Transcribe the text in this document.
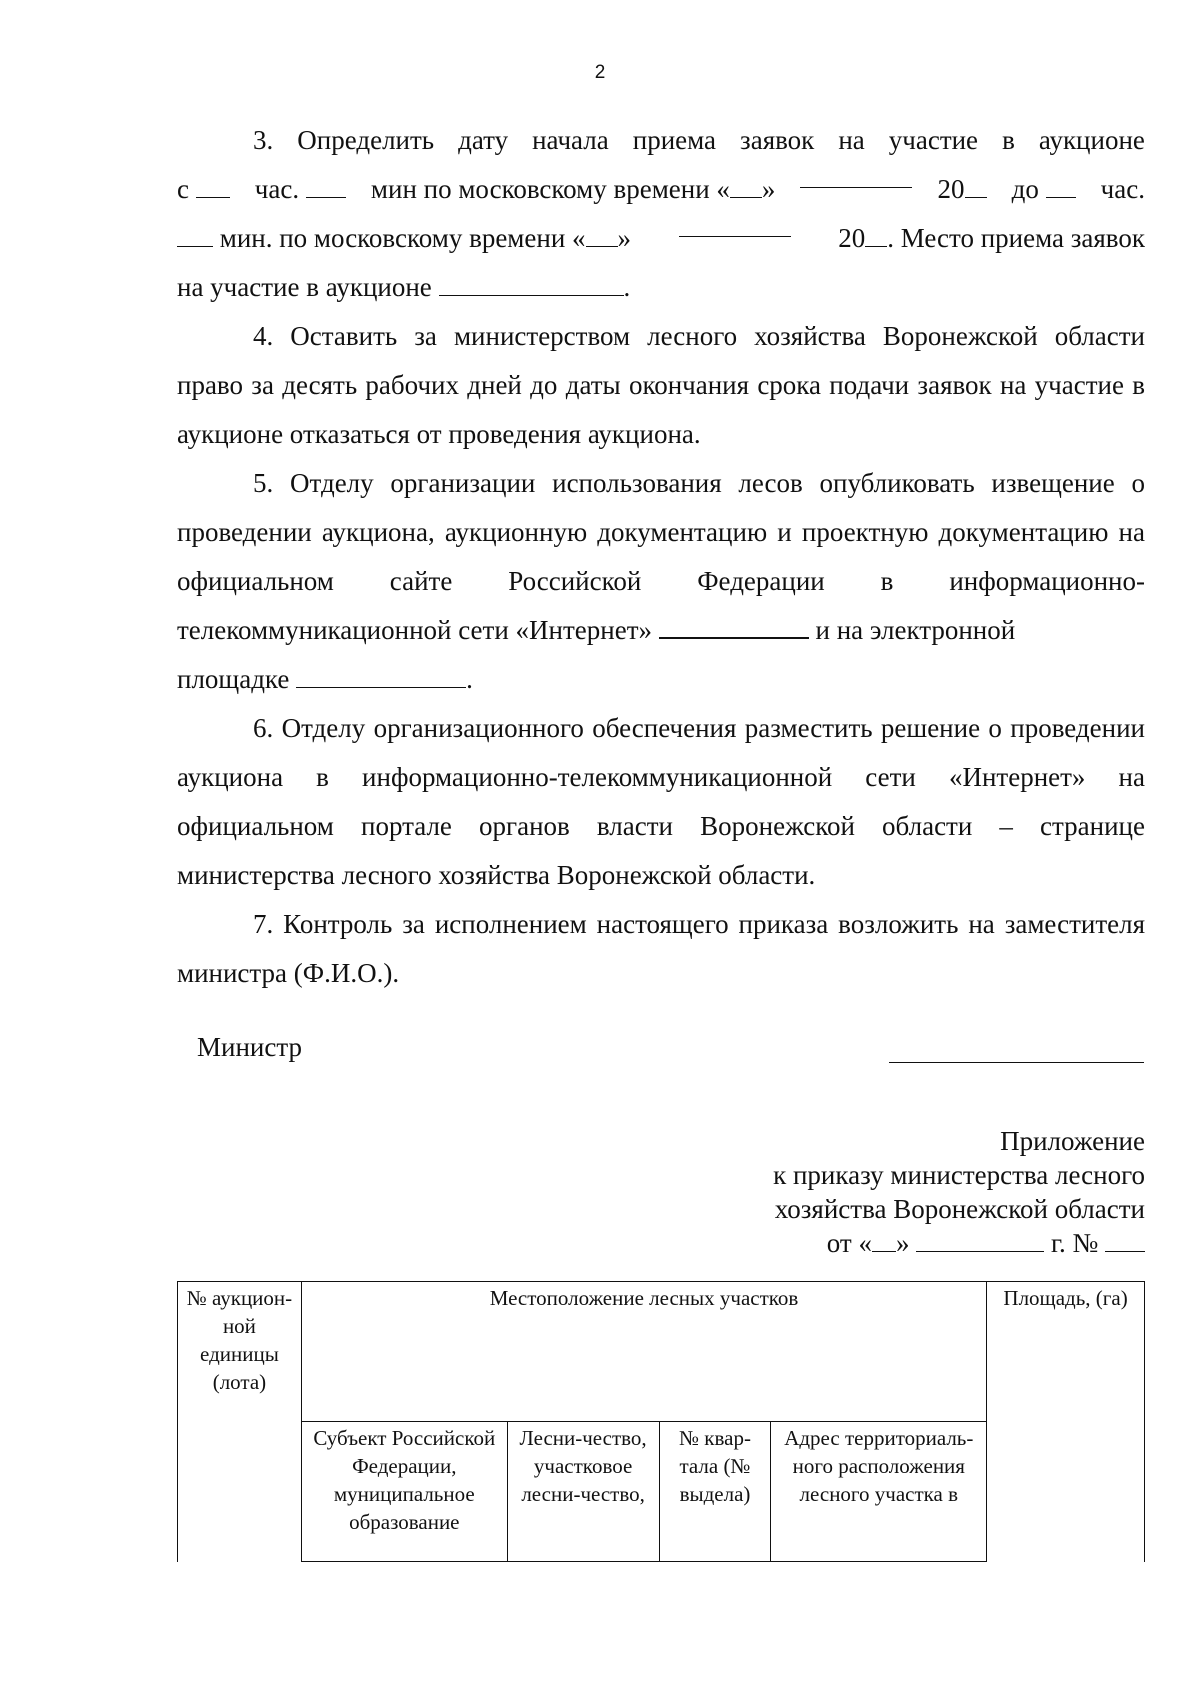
2
3. Определить дату начала приема заявок на участие в аукционе
с	час.	мин по московскому времени « »	20	до	час.
мин. по московскому времени « »	20 . Место приема заявок
на участие в аукционе	.

4. Оставить за министерством лесного хозяйства Воронежской области право за десять рабочих дней до даты окончания срока подачи заявок на участие в аукционе отказаться от проведения аукциона.

5. Отделу организации использования лесов опубликовать извещение о проведении аукциона, аукционную документацию и проектную документацию на официальном сайте Российской Федерации в информационно-телекоммуникационной сети «Интернет»	и на электронной

площадке	.

6. Отделу организационного обеспечения разместить решение о проведении аукциона в информационно-телекоммуникационной сети «Интернет» на официальном портале органов власти Воронежской области – странице министерства лесного хозяйства Воронежской области.

7. Контроль за исполнением настоящего приказа возложить на заместителя министра (Ф.И.О.).

Министр
Приложение
к приказу министерства лесного
хозяйства Воронежской области
от « »	г. №
№ аукцион-ной единицы (лота)	Местоположение лесных участков				Площадь, (га)
	Субъект Российской Федерации, муниципальное образование	Лесни-чество, участковое лесни-чество,	№ квар-тала (№ выдела)	Адрес территориаль-ного расположения лесного участка в	
